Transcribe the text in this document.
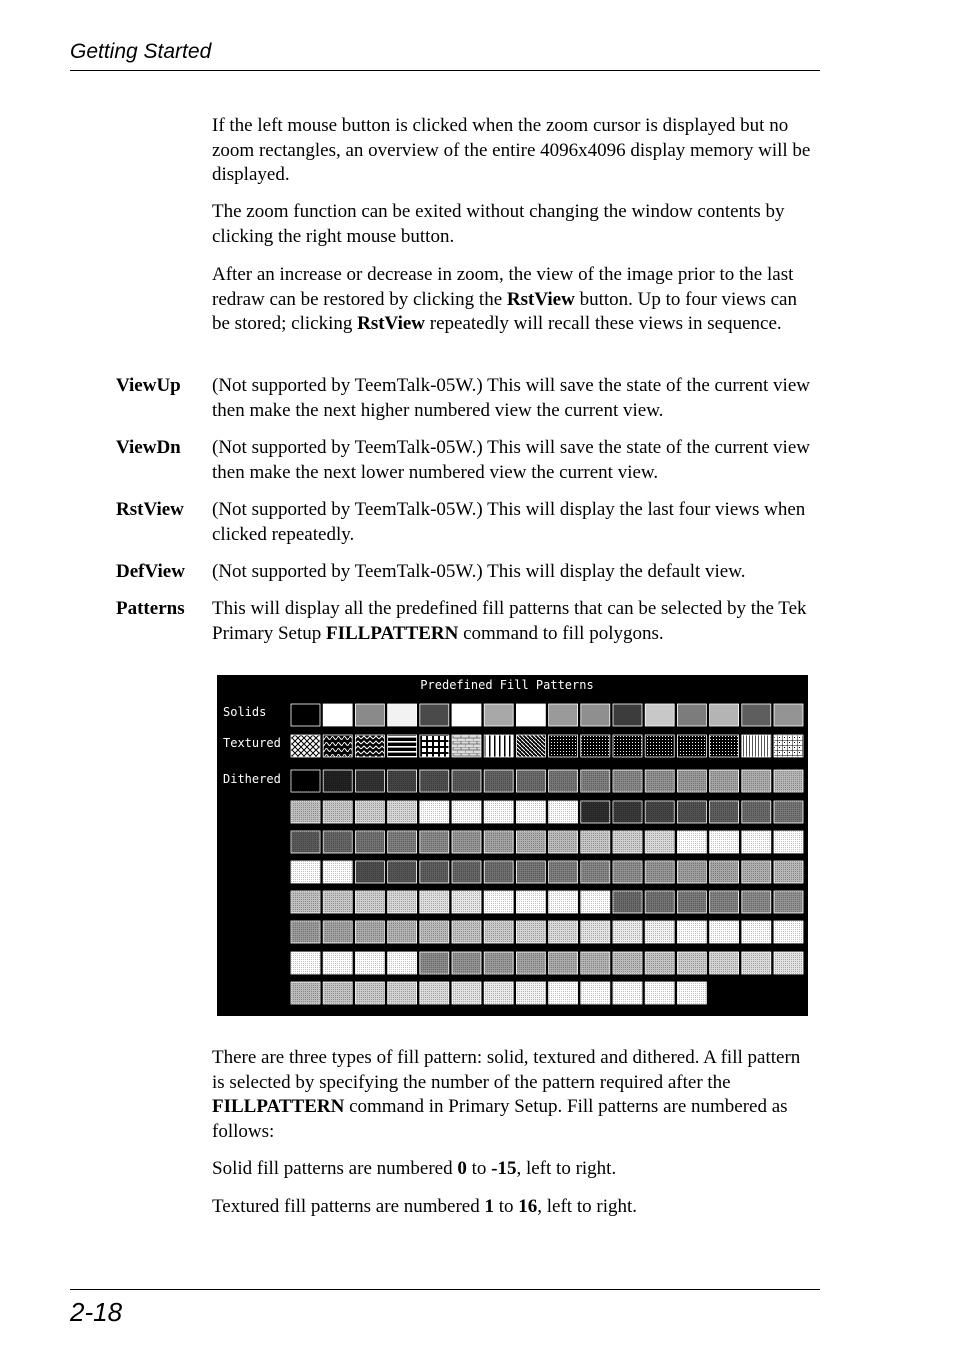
Getting Started

If the left mouse button is clicked when the zoom cursor is displayed but no zoom rectangles, an overview of the entire 4096x4096 display memory will be displayed.

The zoom function can be exited without changing the window contents by clicking the right mouse button.

After an increase or decrease in zoom, the view of the image prior to the last redraw can be restored by clicking the RstView button. Up to four views can be stored; clicking RstView repeatedly will recall these views in sequence.

ViewUp (Not supported by TeemTalk-05W.) This will save the state of the current view then make the next higher numbered view the current view.

ViewDn (Not supported by TeemTalk-05W.) This will save the state of the current view then make the next lower numbered view the current view.

RstView (Not supported by TeemTalk-05W.) This will display the last four views when clicked repeatedly.

DefView (Not supported by TeemTalk-05W.) This will display the default view.

Patterns This will display all the predefined fill patterns that can be selected by the Tek Primary Setup FILLPATTERN command to fill polygons.

Predefined Fill Patterns
Solids
Textured
Dithered

There are three types of fill pattern: solid, textured and dithered. A fill pattern is selected by specifying the number of the pattern required after the FILLPATTERN command in Primary Setup. Fill patterns are numbered as follows:

Solid fill patterns are numbered 0 to -15, left to right.

Textured fill patterns are numbered 1 to 16, left to right.

2-18
